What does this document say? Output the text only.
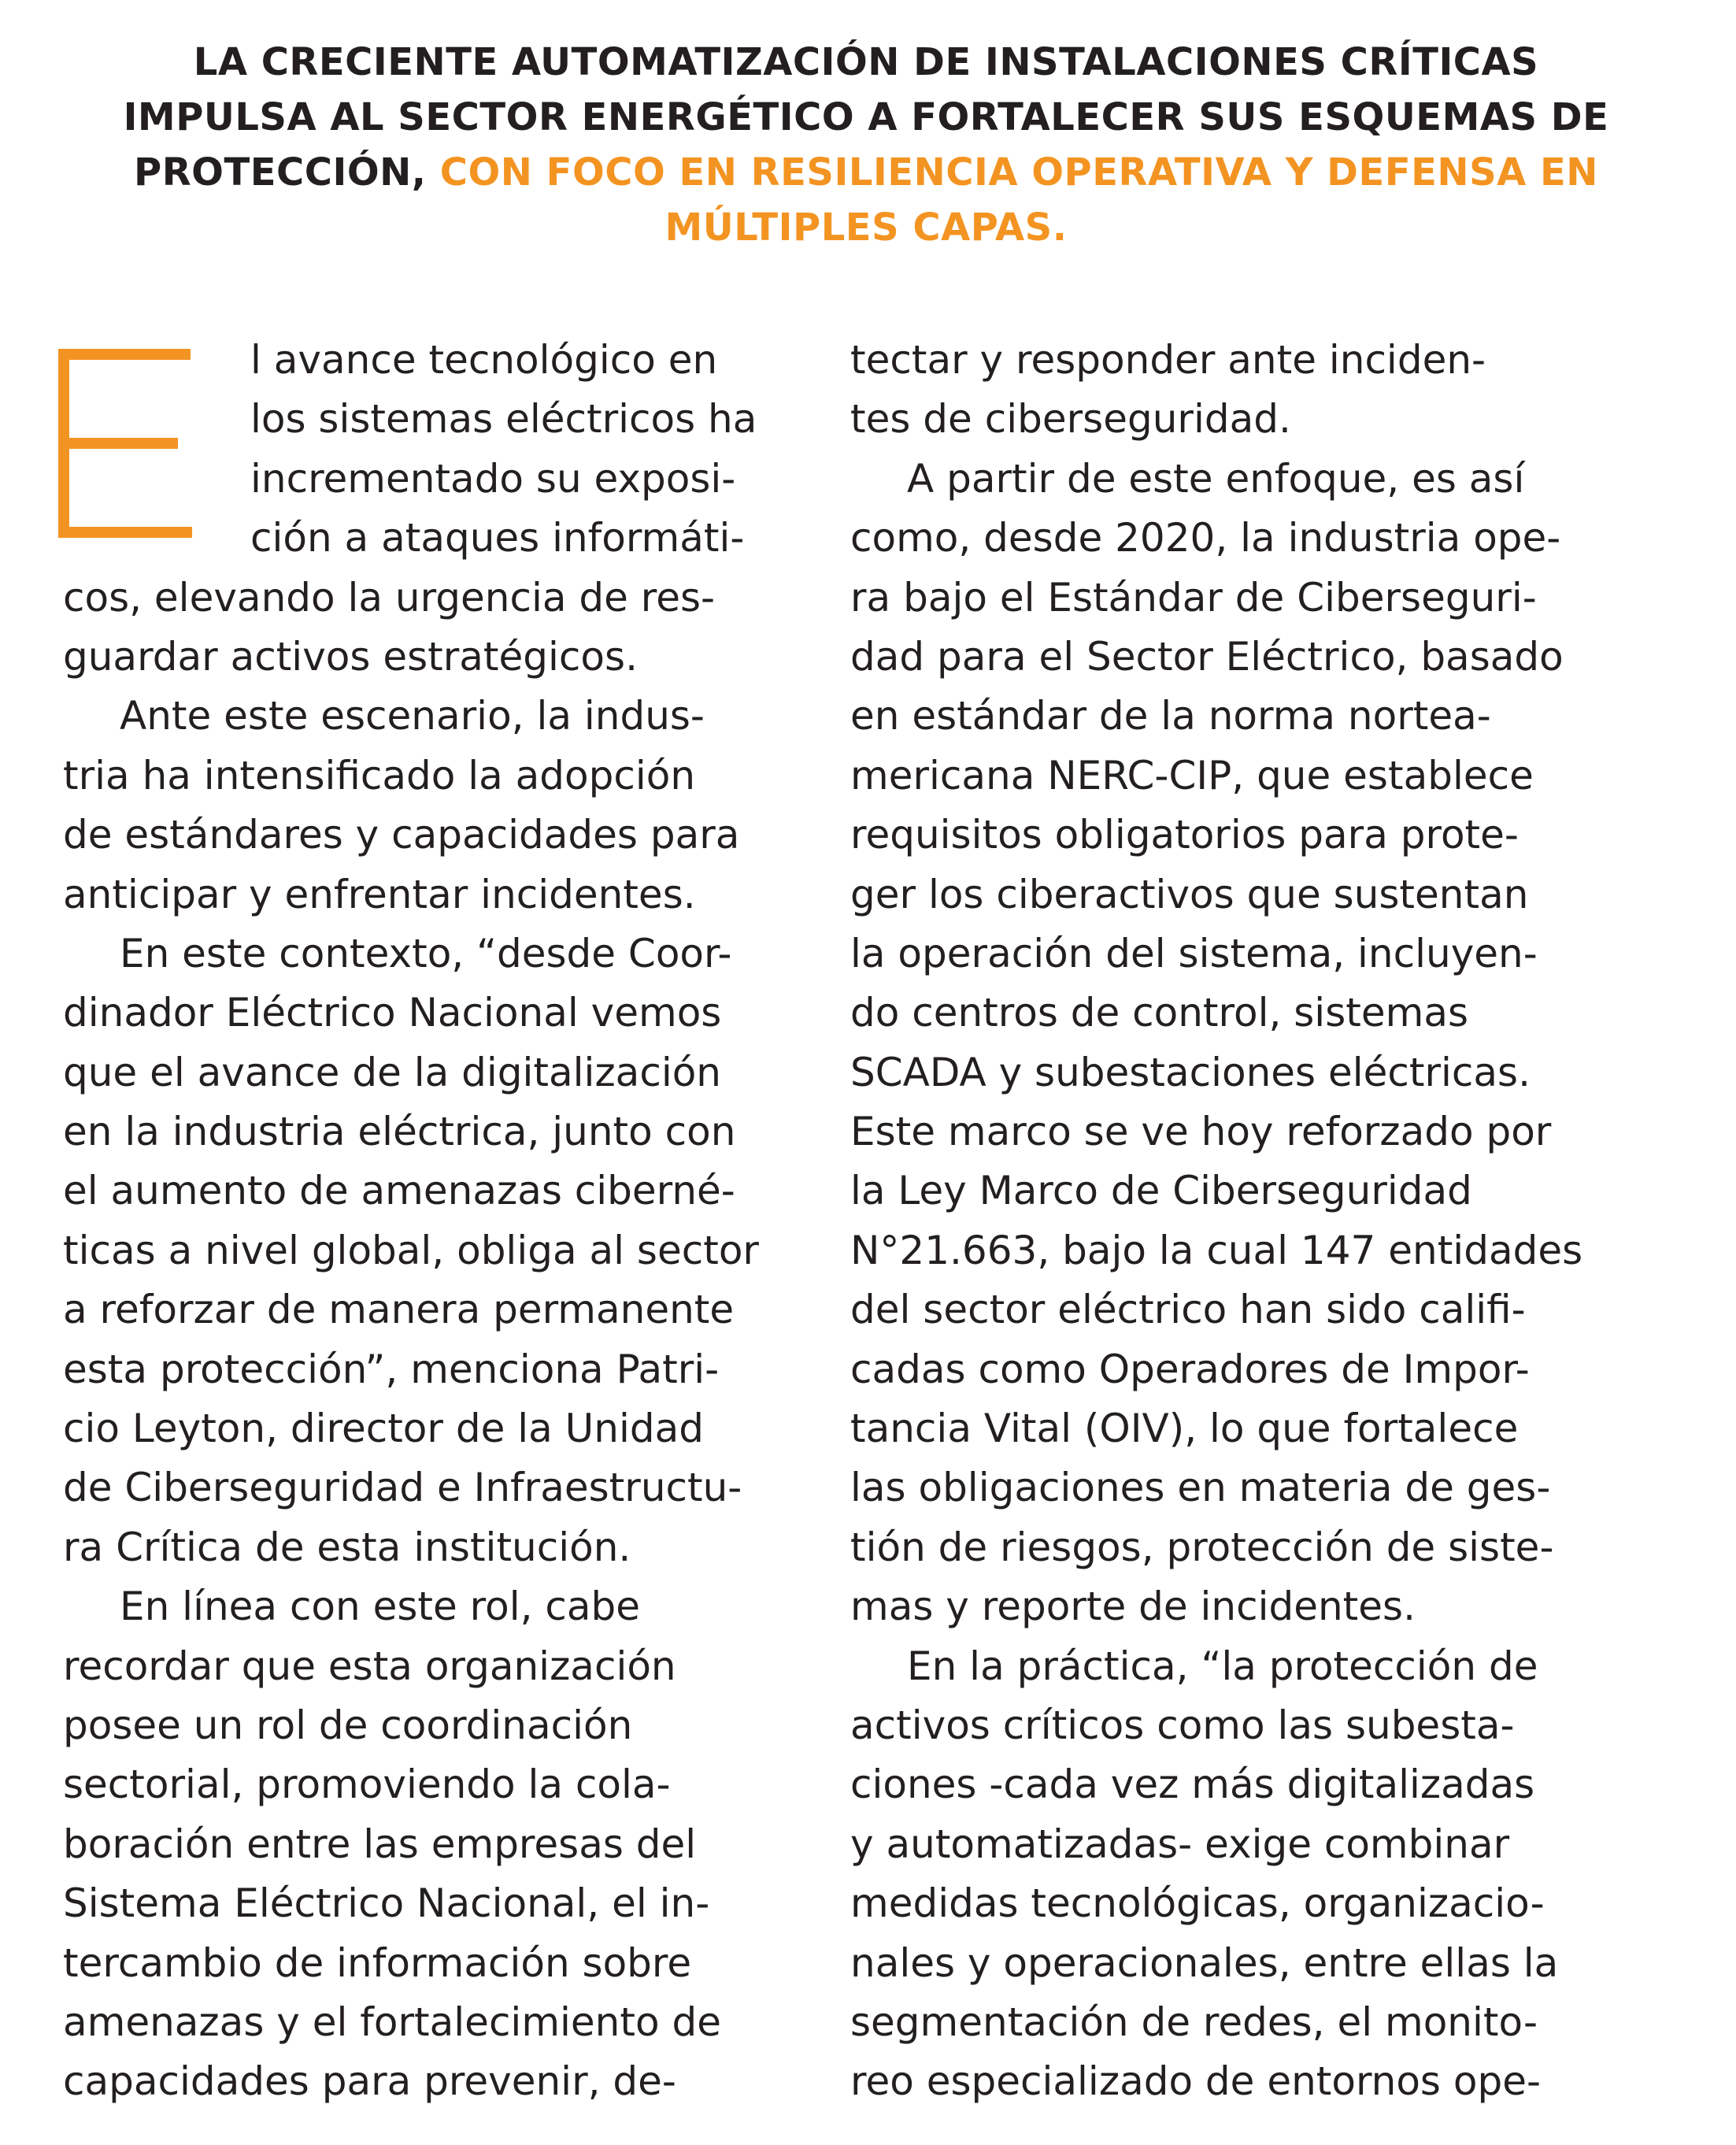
LA CRECIENTE AUTOMATIZACIÓN DE INSTALACIONES CRÍTICAS
IMPULSA AL SECTOR ENERGÉTICO A FORTALECER SUS ESQUEMAS DE
PROTECCIÓN, CON FOCO EN RESILIENCIA OPERATIVA Y DEFENSA EN
MÚLTIPLES CAPAS.
l avance tecnológico en
los sistemas eléctricos ha
incrementado su exposi-
ción a ataques informáti-
cos, elevando la urgencia de res-
guardar activos estratégicos.
Ante este escenario, la indus-
tria ha intensificado la adopción
de estándares y capacidades para
anticipar y enfrentar incidentes.
En este contexto, “desde Coor-
dinador Eléctrico Nacional vemos
que el avance de la digitalización
en la industria eléctrica, junto con
el aumento de amenazas ciberné-
ticas a nivel global, obliga al sector
a reforzar de manera permanente
esta protección”, menciona Patri-
cio Leyton, director de la Unidad
de Ciberseguridad e Infraestructu-
ra Crítica de esta institución.
En línea con este rol, cabe
recordar que esta organización
posee un rol de coordinación
sectorial, promoviendo la cola-
boración entre las empresas del
Sistema Eléctrico Nacional, el in-
tercambio de información sobre
amenazas y el fortalecimiento de
capacidades para prevenir, de-
tectar y responder ante inciden-
tes de ciberseguridad.
A partir de este enfoque, es así
como, desde 2020, la industria ope-
ra bajo el Estándar de Ciberseguri-
dad para el Sector Eléctrico, basado
en estándar de la norma nortea-
mericana NERC-CIP, que establece
requisitos obligatorios para prote-
ger los ciberactivos que sustentan
la operación del sistema, incluyen-
do centros de control, sistemas
SCADA y subestaciones eléctricas.
Este marco se ve hoy reforzado por
la Ley Marco de Ciberseguridad
N°21.663, bajo la cual 147 entidades
del sector eléctrico han sido califi-
cadas como Operadores de Impor-
tancia Vital (OIV), lo que fortalece
las obligaciones en materia de ges-
tión de riesgos, protección de siste-
mas y reporte de incidentes.
En la práctica, “la protección de
activos críticos como las subesta-
ciones -cada vez más digitalizadas
y automatizadas- exige combinar
medidas tecnológicas, organizacio-
nales y operacionales, entre ellas la
segmentación de redes, el monito-
reo especializado de entornos ope-
